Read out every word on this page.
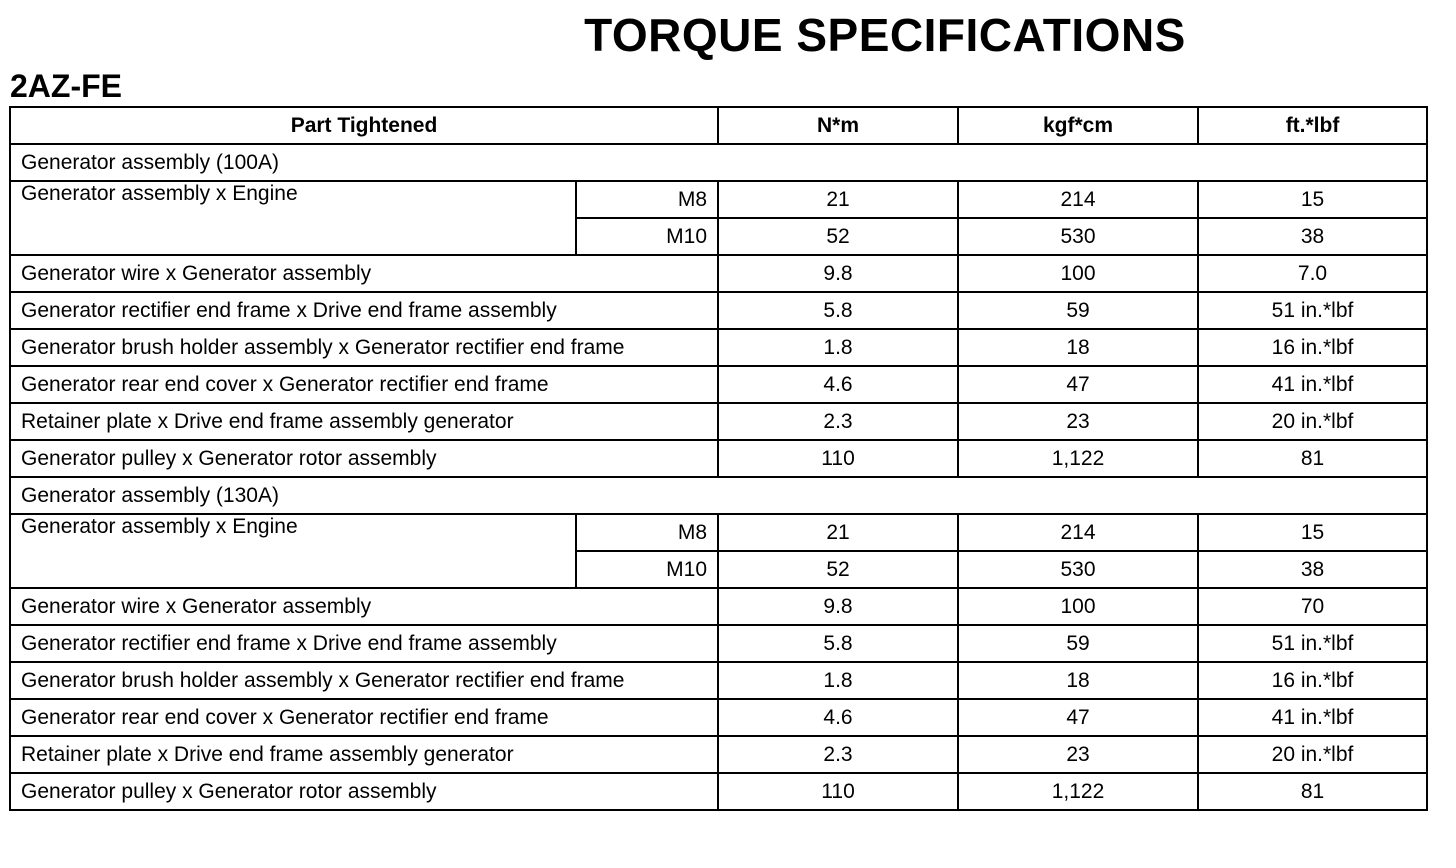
TORQUE SPECIFICATIONS
2AZ-FE
Part Tightened		N*m	kgf*cm	ft.*lbf
Generator assembly (100A)				
Generator assembly x Engine	M8	21	214	15
	M10	52	530	38
Generator wire x Generator assembly		9.8	100	7.0
Generator rectifier end frame x Drive end frame assembly		5.8	59	51 in.*lbf
Generator brush holder assembly x Generator rectifier end frame		1.8	18	16 in.*lbf
Generator rear end cover x Generator rectifier end frame		4.6	47	41 in.*lbf
Retainer plate x Drive end frame assembly generator		2.3	23	20 in.*lbf
Generator pulley x Generator rotor assembly		110	1,122	81
Generator assembly (130A)				
Generator assembly x Engine	M8	21	214	15
	M10	52	530	38
Generator wire x Generator assembly		9.8	100	70
Generator rectifier end frame x Drive end frame assembly		5.8	59	51 in.*lbf
Generator brush holder assembly x Generator rectifier end frame		1.8	18	16 in.*lbf
Generator rear end cover x Generator rectifier end frame		4.6	47	41 in.*lbf
Retainer plate x Drive end frame assembly generator		2.3	23	20 in.*lbf
Generator pulley x Generator rotor assembly		110	1,122	81
